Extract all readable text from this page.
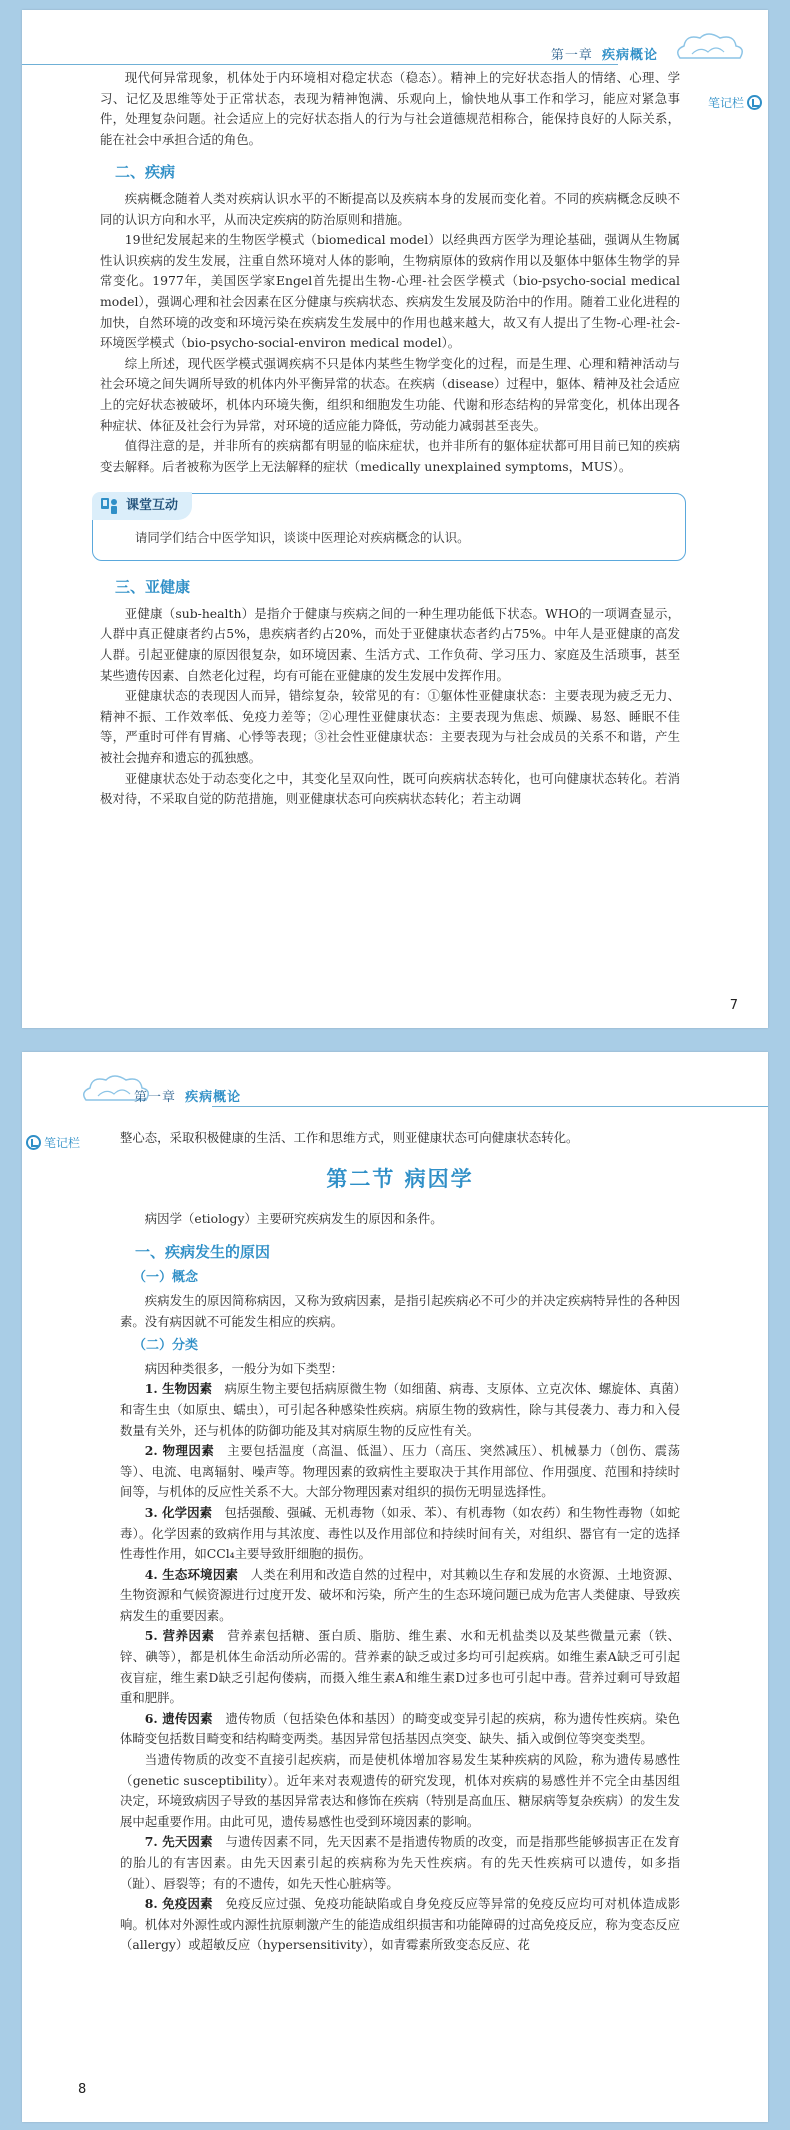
第一章 疾病概论
笔记栏

现代何异常现象，机体处于内环境相对稳定状态（稳态）。精神上的完好状态指人的情绪、心理、学习、记忆及思维等处于正常状态，表现为精神饱满、乐观向上，愉快地从事工作和学习，能应对紧急事件，处理复杂问题。社会适应上的完好状态指人的行为与社会道德规范相称合，能保持良好的人际关系，能在社会中承担合适的角色。

二、疾病

疾病概念随着人类对疾病认识水平的不断提高以及疾病本身的发展而变化着。不同的疾病概念反映不同的认识方向和水平，从而决定疾病的防治原则和措施。

19世纪发展起来的生物医学模式（biomedical model）以经典西方医学为理论基础，强调从生物属性认识疾病的发生发展，注重自然环境对人体的影响，生物病原体的致病作用以及躯体中躯体生物学的异常变化。1977年，美国医学家Engel首先提出生物-心理-社会医学模式（bio-psycho-social medical model），强调心理和社会因素在区分健康与疾病状态、疾病发生发展及防治中的作用。随着工业化进程的加快，自然环境的改变和环境污染在疾病发生发展中的作用也越来越大，故又有人提出了生物-心理-社会-环境医学模式（bio-psycho-social-environ medical model）。

综上所述，现代医学模式强调疾病不只是体内某些生物学变化的过程，而是生理、心理和精神活动与社会环境之间失调所导致的机体内外平衡异常的状态。在疾病（disease）过程中，躯体、精神及社会适应上的完好状态被破坏，机体内环境失衡，组织和细胞发生功能、代谢和形态结构的异常变化，机体出现各种症状、体征及社会行为异常，对环境的适应能力降低，劳动能力减弱甚至丧失。

值得注意的是，并非所有的疾病都有明显的临床症状，也并非所有的躯体症状都可用目前已知的疾病变去解释。后者被称为医学上无法解释的症状（medically unexplained symptoms，MUS）。

课堂互动
请同学们结合中医学知识，谈谈中医理论对疾病概念的认识。
三、亚健康

亚健康（sub-health）是指介于健康与疾病之间的一种生理功能低下状态。WHO的一项调查显示，人群中真正健康者约占5%，患疾病者约占20%，而处于亚健康状态者约占75%。中年人是亚健康的高发人群。引起亚健康的原因很复杂，如环境因素、生活方式、工作负荷、学习压力、家庭及生活琐事，甚至某些遗传因素、自然老化过程，均有可能在亚健康的发生发展中发挥作用。

亚健康状态的表现因人而异，错综复杂，较常见的有：①躯体性亚健康状态：主要表现为疲乏无力、精神不振、工作效率低、免疫力差等；②心理性亚健康状态：主要表现为焦虑、烦躁、易怒、睡眠不佳等，严重时可伴有胃痛、心悸等表现；③社会性亚健康状态：主要表现为与社会成员的关系不和谐，产生被社会抛弃和遗忘的孤独感。

亚健康状态处于动态变化之中，其变化呈双向性，既可向疾病状态转化，也可向健康状态转化。若消极对待，不采取自觉的防范措施，则亚健康状态可向疾病状态转化；若主动调

7
第一章 疾病概论
笔记栏	整心态，采取积极健康的生活、工作和思维方式，则亚健康状态可向健康状态转化。

第二节 病因学

病因学（etiology）主要研究疾病发生的原因和条件。

一、疾病发生的原因
（一）概念

疾病发生的原因简称病因，又称为致病因素，是指引起疾病必不可少的并决定疾病特异性的各种因素。没有病因就不可能发生相应的疾病。

（二）分类

病因种类很多，一般分为如下类型：

1. 生物因素　病原生物主要包括病原微生物（如细菌、病毒、支原体、立克次体、螺旋体、真菌）和寄生虫（如原虫、蠕虫），可引起各种感染性疾病。病原生物的致病性，除与其侵袭力、毒力和入侵数量有关外，还与机体的防御功能及其对病原生物的反应性有关。

2. 物理因素　主要包括温度（高温、低温）、压力（高压、突然减压）、机械暴力（创伤、震荡等）、电流、电离辐射、噪声等。物理因素的致病性主要取决于其作用部位、作用强度、范围和持续时间等，与机体的反应性关系不大。大部分物理因素对组织的损伤无明显选择性。

3. 化学因素　包括强酸、强碱、无机毒物（如汞、苯）、有机毒物（如农药）和生物性毒物（如蛇毒）。化学因素的致病作用与其浓度、毒性以及作用部位和持续时间有关，对组织、器官有一定的选择性毒性作用，如CCl₄主要导致肝细胞的损伤。

4. 生态环境因素　人类在利用和改造自然的过程中，对其赖以生存和发展的水资源、土地资源、生物资源和气候资源进行过度开发、破坏和污染，所产生的生态环境问题已成为危害人类健康、导致疾病发生的重要因素。

5. 营养因素　营养素包括糖、蛋白质、脂肪、维生素、水和无机盐类以及某些微量元素（铁、锌、碘等），都是机体生命活动所必需的。营养素的缺乏或过多均可引起疾病。如维生素A缺乏可引起夜盲症，维生素D缺乏引起佝偻病，而摄入维生素A和维生素D过多也可引起中毒。营养过剩可导致超重和肥胖。

6. 遗传因素　遗传物质（包括染色体和基因）的畸变或变异引起的疾病，称为遗传性疾病。染色体畸变包括数目畸变和结构畸变两类。基因异常包括基因点突变、缺失、插入或倒位等突变类型。

当遗传物质的改变不直接引起疾病，而是使机体增加容易发生某种疾病的风险，称为遗传易感性（genetic susceptibility）。近年来对表观遗传的研究发现，机体对疾病的易感性并不完全由基因组决定，环境致病因子导致的基因异常表达和修饰在疾病（特别是高血压、糖尿病等复杂疾病）的发生发展中起重要作用。由此可见，遗传易感性也受到环境因素的影响。

7. 先天因素　与遗传因素不同，先天因素不是指遗传物质的改变，而是指那些能够损害正在发育的胎儿的有害因素。由先天因素引起的疾病称为先天性疾病。有的先天性疾病可以遗传，如多指（趾）、唇裂等；有的不遗传，如先天性心脏病等。

8. 免疫因素　免疫反应过强、免疫功能缺陷或自身免疫反应等异常的免疫反应均可对机体造成影响。机体对外源性或内源性抗原刺激产生的能造成组织损害和功能障碍的过高免疫反应，称为变态反应（allergy）或超敏反应（hypersensitivity），如青霉素所致变态反应、花

8
